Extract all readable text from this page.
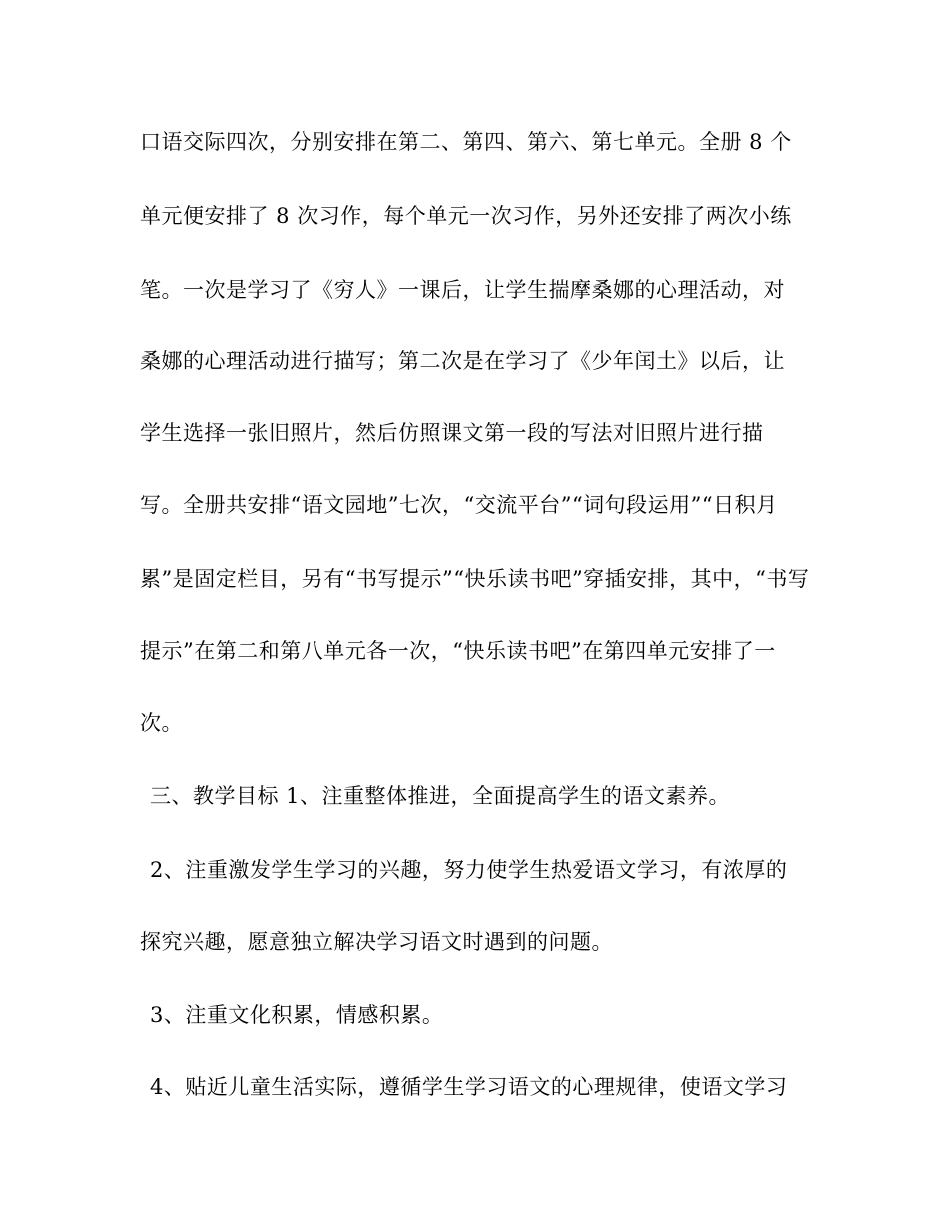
口语交际四次，分别安排在第二、第四、第六、第七单元。全册 8 个
单元便安排了 8 次习作，每个单元一次习作，另外还安排了两次小练
笔。一次是学习了《穷人》一课后，让学生揣摩桑娜的心理活动，对
桑娜的心理活动进行描写；第二次是在学习了《少年闰土》以后，让
学生选择一张旧照片，然后仿照课文第一段的写法对旧照片进行描
写。全册共安排“语文园地”七次，“交流平台”“词句段运用”“日积月
累”是固定栏目，另有“书写提示”“快乐读书吧”穿插安排，其中，“书写
提示”在第二和第八单元各一次，“快乐读书吧”在第四单元安排了一
次。
三、教学目标 1、注重整体推进，全面提高学生的语文素养。
2、注重激发学生学习的兴趣，努力使学生热爱语文学习，有浓厚的
探究兴趣，愿意独立解决学习语文时遇到的问题。
3、注重文化积累，情感积累。
4、贴近儿童生活实际，遵循学生学习语文的心理规律，使语文学习
